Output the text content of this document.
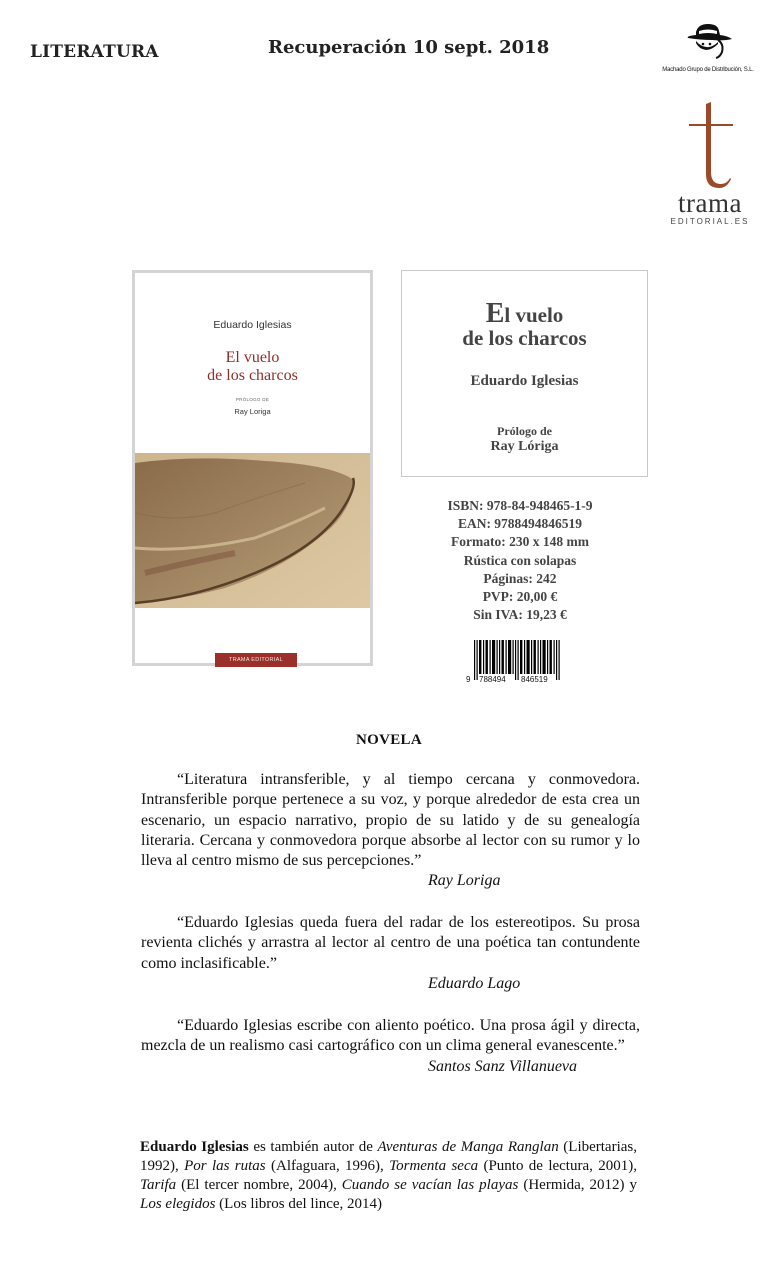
LITERATURA	Recuperación 10 sept. 2018
Machado Grupo de Distribución, S.L.
trama
EDITORIAL.ES
Eduardo Iglesias
El vuelo
de los charcos
PRÓLOGO DE
Ray Loriga
TRAMA EDITORIAL
El vuelo
de los charcos
Eduardo Iglesias
Prólogo de
Ray Lóriga
ISBN: 978-84-948465-1-9
EAN: 9788494846519
Formato: 230 x 148 mm
Rústica con solapas
Páginas: 242
PVP: 20,00 €
Sin IVA: 19,23 €
9 788494 846519
NOVELA

“Literatura intransferible, y al tiempo cercana y conmovedora. Intransferible porque pertenece a su voz, y porque alrededor de esta crea un escenario, un espacio narrativo, propio de su latido y de su genealogía literaria. Cercana y conmovedora porque absorbe al lector con su rumor y lo lleva al centro mismo de sus percepciones.”

Ray Loriga

“Eduardo Iglesias queda fuera del radar de los estereotipos. Su prosa revienta clichés y arrastra al lector al centro de una poética tan contundente como inclasificable.”

Eduardo Lago

“Eduardo Iglesias escribe con aliento poético. Una prosa ágil y directa, mezcla de un realismo casi cartográfico con un clima general evanescente.”

Santos Sanz Villanueva

Eduardo Iglesias es también autor de Aventuras de Manga Ranglan (Libertarias, 1992), Por las rutas (Alfaguara, 1996), Tormenta seca (Punto de lectura, 2001), Tarifa (El tercer nombre, 2004), Cuando se vacían las playas (Hermida, 2012) y Los elegidos (Los libros del lince, 2014)
